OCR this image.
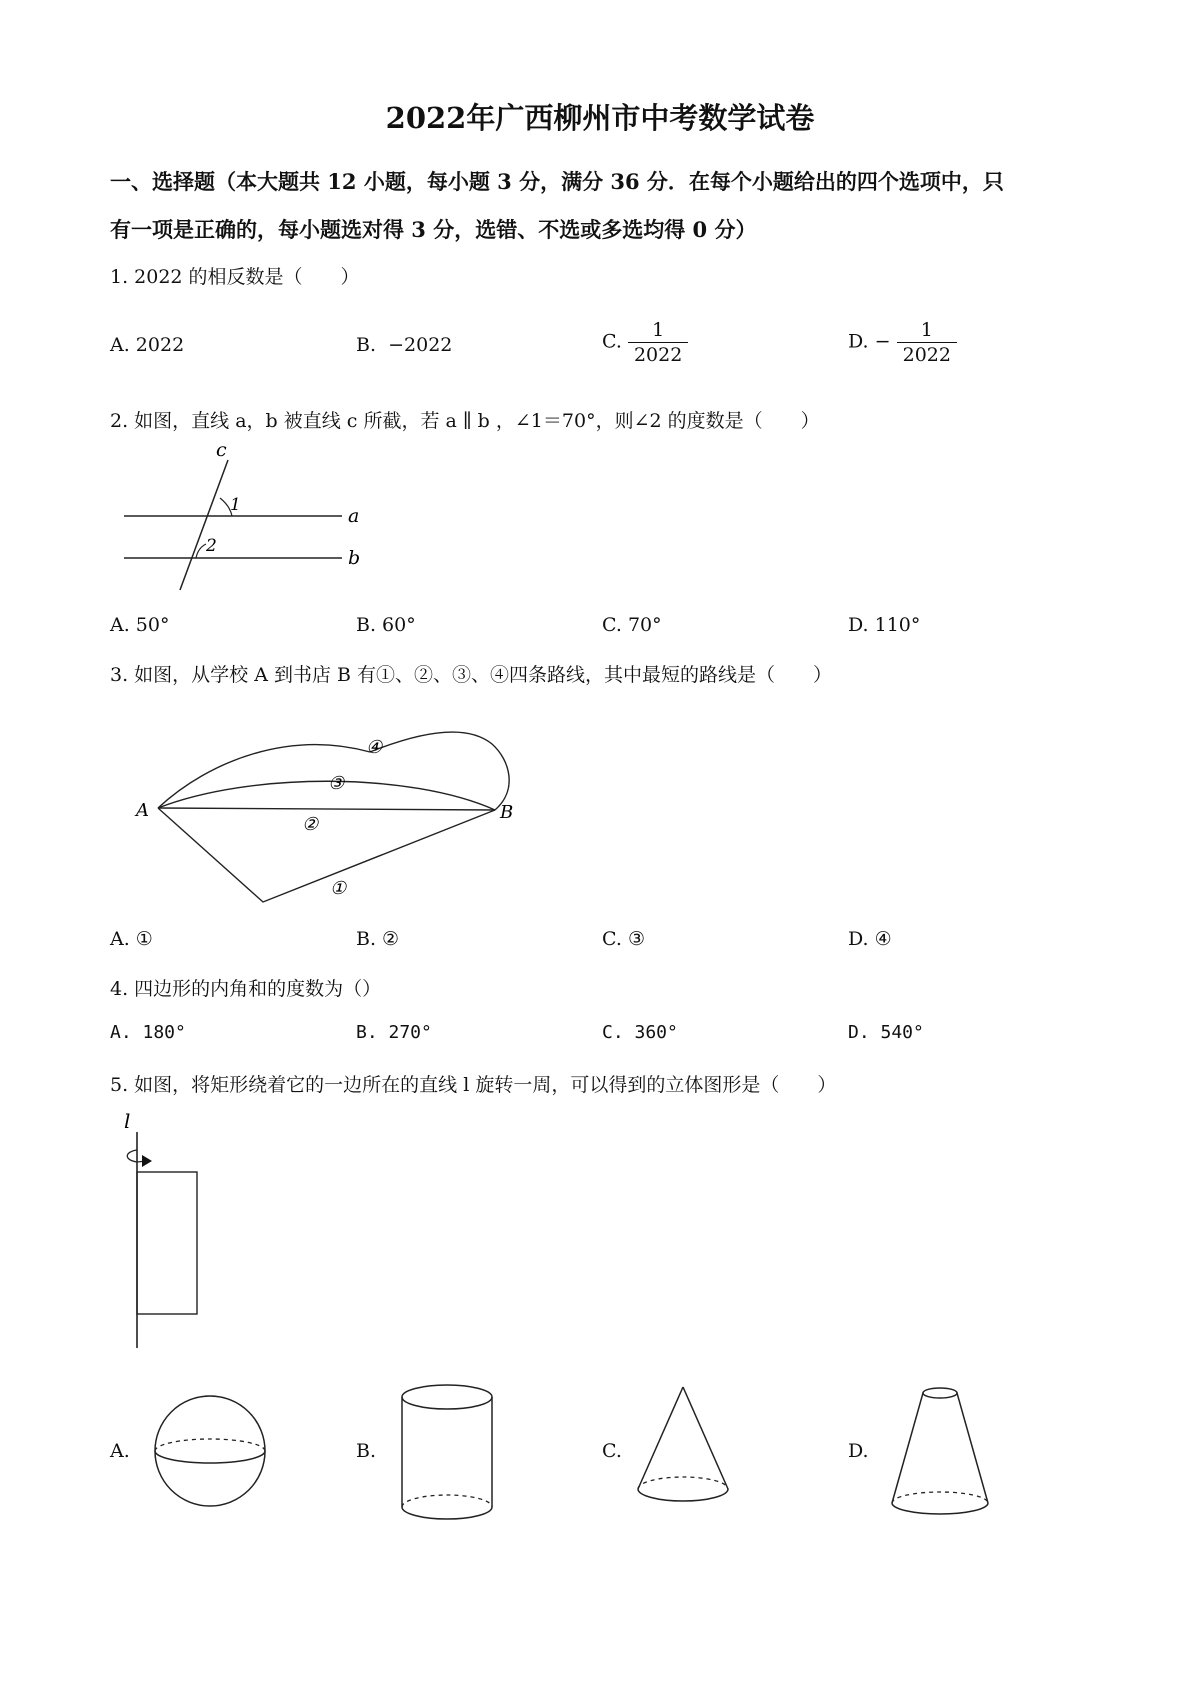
2022年广西柳州市中考数学试卷
一、选择题（本大题共 12 小题，每小题 3 分，满分 36 分．在每个小题给出的四个选项中，只
有一项是正确的，每小题选对得 3 分，选错、不选或多选均得 0 分）
1. 2022 的相反数是（　　）
A. 2022	B. −2022	C. $\frac{1}{2022}$	D. − $\frac{1}{2022}$
2. 如图，直线 a，b 被直线 c 所截，若 a ∥ b ，∠1＝70°，则∠2 的度数是（　　）
c
a
b
1
2
A. 50°	B. 60°	C. 70°	D. 110°
3. 如图，从学校 A 到书店 B 有①、②、③、④四条路线，其中最短的路线是（　　）
A	B
④
③
②
①
A. ①	B. ②	C. ③	D. ④
4. 四边形的内角和的度数为（）
A. 180°	B. 270°	C. 360°	D. 540°
5. 如图，将矩形绕着它的一边所在的直线 l 旋转一周，可以得到的立体图形是（　　）
l
A.	B.	C.	D.
